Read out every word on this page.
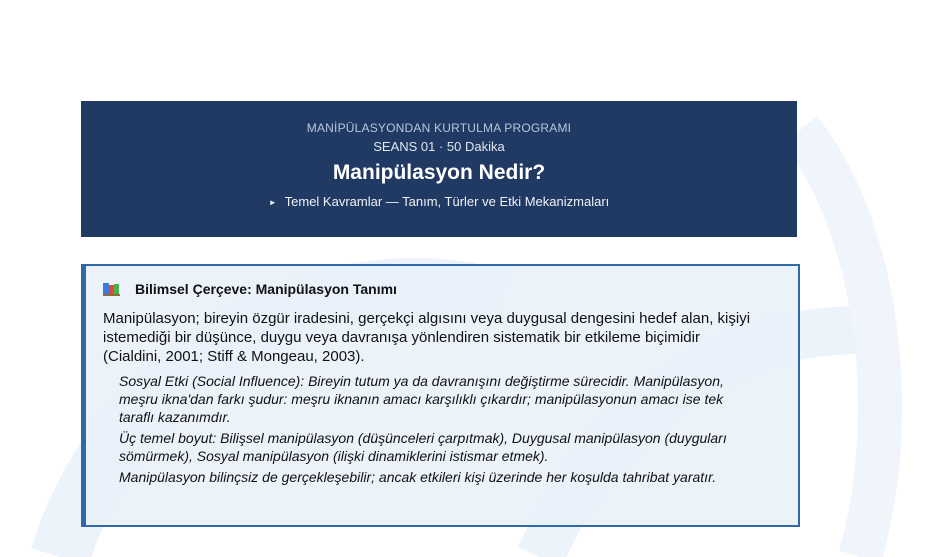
MANİPÜLASYONDAN KURTULMA PROGRAMI
SEANS 01 · 50 Dakika
Manipülasyon Nedir?
► Temel Kavramlar — Tanım, Türler ve Etki Mekanizmaları
Bilimsel Çerçeve: Manipülasyon Tanımı
Manipülasyon; bireyin özgür iradesini, gerçekçi algısını veya duygusal dengesini hedef alan, kişiyi istemediği bir düşünce, duygu veya davranışa yönlendiren sistematik bir etkileme biçimidir (Cialdini, 2001; Stiff & Mongeau, 2003).

Sosyal Etki (Social Influence): Bireyin tutum ya da davranışını değiştirme sürecidir. Manipülasyon, meşru ikna'dan farkı şudur: meşru iknanın amacı karşılıklı çıkardır; manipülasyonun amacı ise tek taraflı kazanımdır.

Üç temel boyut: Bilişsel manipülasyon (düşünceleri çarpıtmak), Duygusal manipülasyon (duyguları sömürmek), Sosyal manipülasyon (ilişki dinamiklerini istismar etmek).

Manipülasyon bilinçsiz de gerçekleşebilir; ancak etkileri kişi üzerinde her koşulda tahribat yaratır.
